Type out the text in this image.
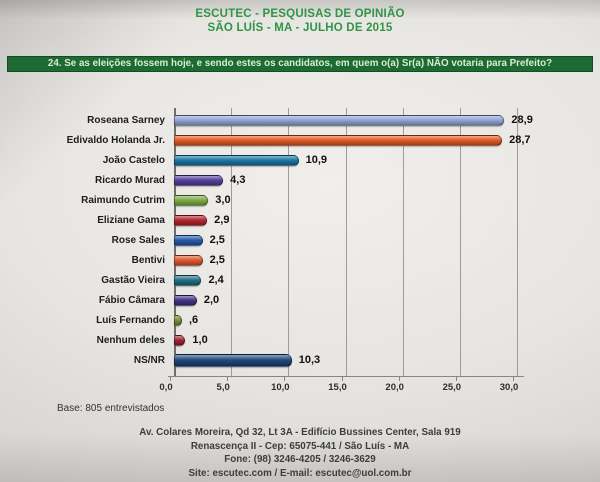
ESCUTEC - PESQUISAS DE OPINIÃO
SÃO LUÍS - MA - JULHO DE 2015
24. Se as eleições fossem hoje, e sendo estes os candidatos, em quem o(a) Sr(a) NÃO votaria para Prefeito?
Roseana Sarney	28,9
Edivaldo Holanda Jr.	28,7
João Castelo	10,9
Ricardo Murad	4,3
Raimundo Cutrim	3,0
Eliziane Gama	2,9
Rose Sales	2,5
Bentivi	2,5
Gastão Vieira	2,4
Fábio Câmara	2,0
Luís Fernando	,6
Nenhum deles	1,0
NS/NR	10,3
0,0	5,0	10,0	15,0	20,0	25,0	30,0
Base: 805 entrevistados
Av. Colares Moreira, Qd 32, Lt 3A - Edifício Bussines Center, Sala 919
Renascença II - Cep: 65075-441 / São Luís - MA
Fone: (98) 3246-4205 / 3246-3629
Site: escutec.com / E-mail: escutec@uol.com.br
